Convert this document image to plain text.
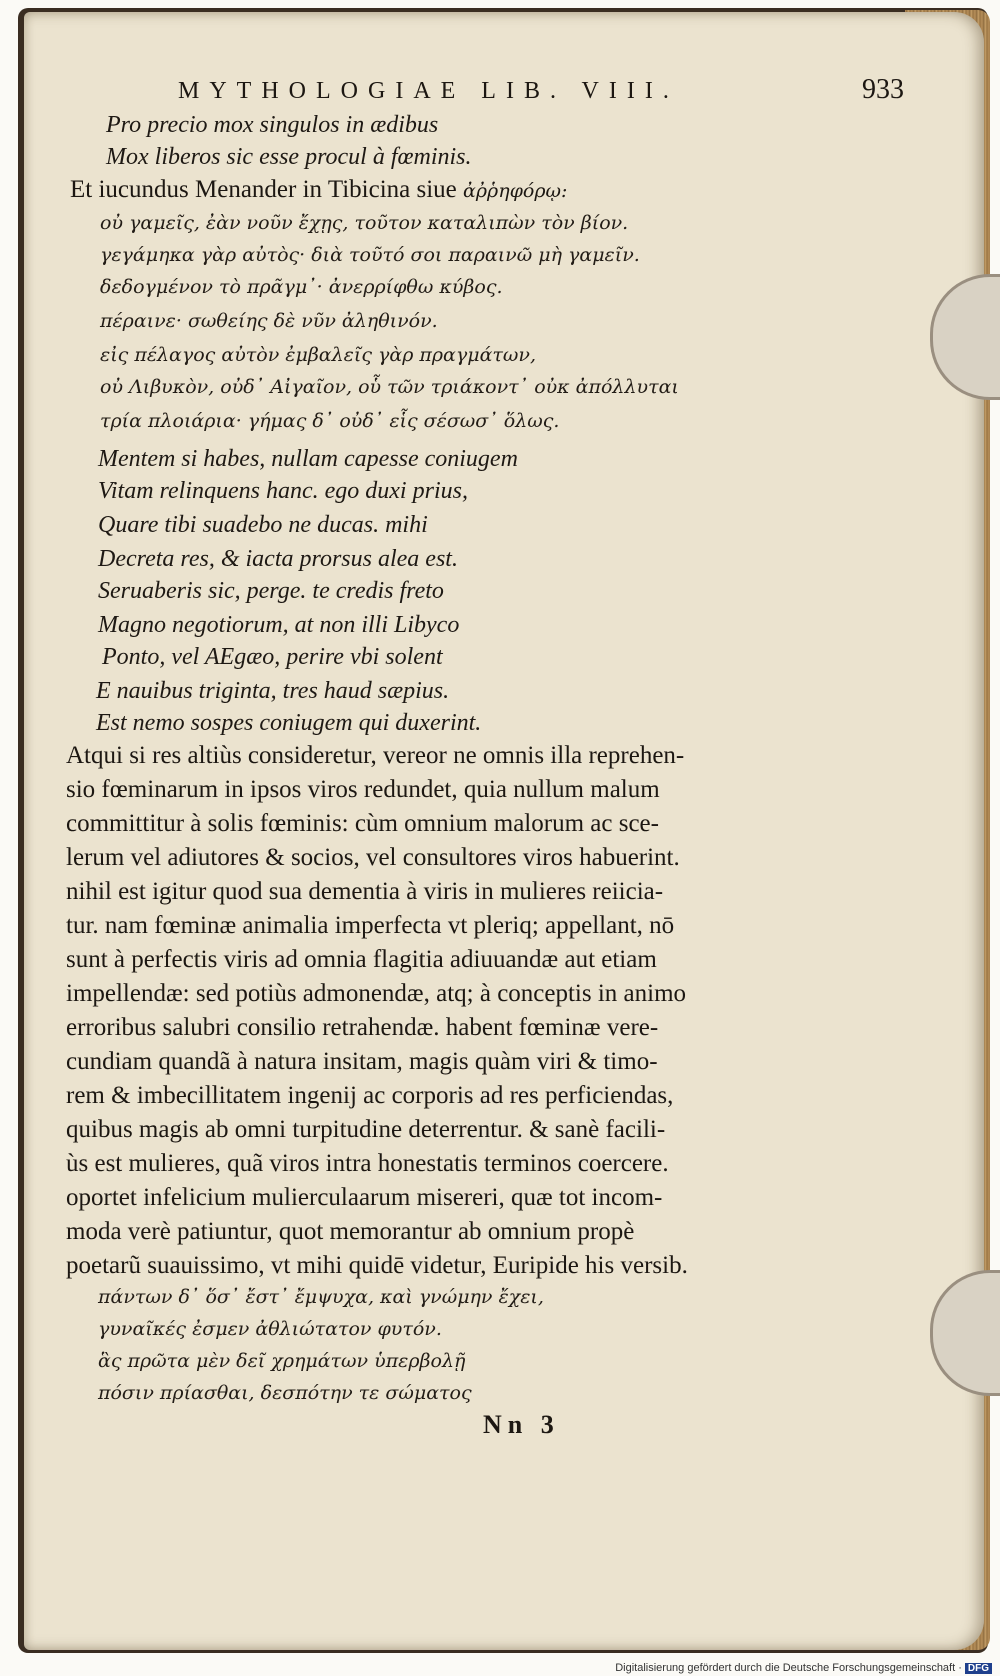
MYTHOLOGIAE LIB. VIII.	933
Pro precio mox singulos in ædibus
Mox liberos sic esse procul à fœminis.
Et iucundus Menander in Tibicina siue ἀῤῥηφόρῳ:
οὐ γαμεῖς, ἐὰν νοῦν ἔχῃς, τοῦτον καταλιπὼν τὸν βίον.
γεγάμηκα γὰρ αὐτὸς· διὰ τοῦτό σοι παραινῶ μὴ γαμεῖν.
δεδογμένον τὸ πρᾶγμ᾽· ἀνερρίφθω κύβος.
πέραινε· σωθείης δὲ νῦν ἀληθινόν.
εἰς πέλαγος αὐτὸν ἐμβαλεῖς γὰρ πραγμάτων,
οὐ Λιβυκὸν, οὐδ᾽ Αἰγαῖον, οὗ τῶν τριάκοντ᾽ οὐκ ἀπόλλυται
τρία πλοιάρια· γήμας δ᾽ οὐδ᾽ εἷς σέσωσ᾽ ὅλως.
Mentem si habes, nullam capesse coniugem
Vitam relinquens hanc. ego duxi prius,
Quare tibi suadebo ne ducas. mihi
Decreta res, & iacta prorsus alea est.
Seruaberis sic, perge. te credis freto
Magno negotiorum, at non illi Libyco
Ponto, vel AEgæo, perire vbi solent
E nauibus triginta, tres haud sæpius.
Est nemo sospes coniugem qui duxerint.
Atqui si res altiùs consideretur, vereor ne omnis illa reprehen-
sio fœminarum in ipsos viros redundet, quia nullum malum
committitur à solis fœminis: cùm omnium malorum ac sce-
lerum vel adiutores & socios, vel consultores viros habuerint.
nihil est igitur quod sua dementia à viris in mulieres reiicia-
tur. nam fœminæ animalia imperfecta vt pleriq; appellant, nō
sunt à perfectis viris ad omnia flagitia adiuuandæ aut etiam
impellendæ: sed potiùs admonendæ, atq; à conceptis in animo
erroribus salubri consilio retrahendæ. habent fœminæ vere-
cundiam quandã à natura insitam, magis quàm viri & timo-
rem & imbecillitatem ingenij ac corporis ad res perficiendas,
quibus magis ab omni turpitudine deterrentur. & sanè facili-
ùs est mulieres, quã viros intra honestatis terminos coercere.
oportet infelicium mulierculaarum misereri, quæ tot incom-
moda verè patiuntur, quot memorantur ab omnium propè
poetarũ suauissimo, vt mihi quidē videtur, Euripide his versib.
πάντων δ᾽ ὅσ᾽ ἔστ᾽ ἔμψυχα, καὶ γνώμην ἔχει,
γυναῖκές ἐσμεν ἀθλιώτατον φυτόν.
ἃς πρῶτα μὲν δεῖ χρημάτων ὑπερβολῇ
πόσιν πρίασθαι, δεσπότην τε σώματος
Nn 3
Digitalisierung gefördert durch die Deutsche Forschungsgemeinschaft · DFG
